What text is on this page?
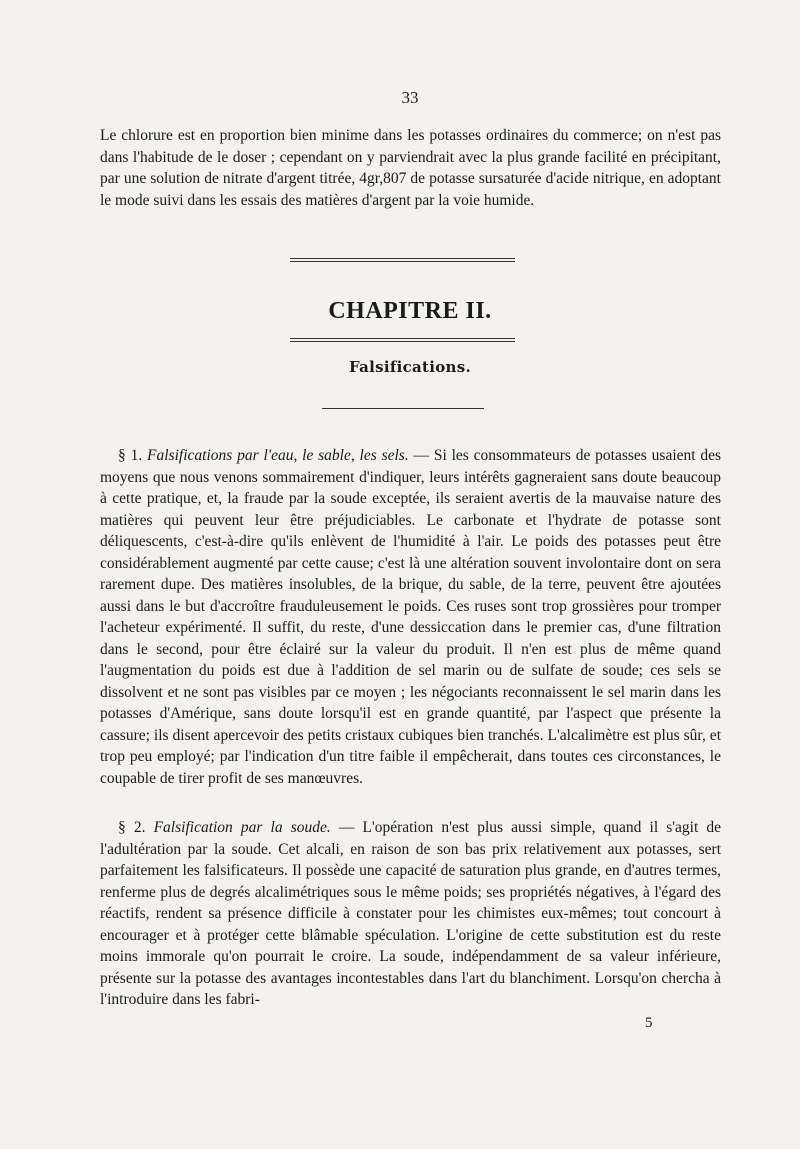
33

Le chlorure est en proportion bien minime dans les potasses ordinaires du commerce; on n'est pas dans l'habitude de le doser ; cependant on y parviendrait avec la plus grande facilité en précipitant, par une solution de nitrate d'argent titrée, 4gr,807 de potasse sursaturée d'acide nitrique, en adoptant le mode suivi dans les essais des matières d'argent par la voie humide.

CHAPITRE II.
Falsifications.

§ 1. Falsifications par l'eau, le sable, les sels. — Si les consommateurs de potasses usaient des moyens que nous venons sommairement d'indiquer, leurs intérêts gagneraient sans doute beaucoup à cette pratique, et, la fraude par la soude exceptée, ils seraient avertis de la mauvaise nature des matières qui peuvent leur être préjudiciables. Le carbonate et l'hydrate de potasse sont déliquescents, c'est-à-dire qu'ils enlèvent de l'humidité à l'air. Le poids des potasses peut être considérablement augmenté par cette cause; c'est là une altération souvent involontaire dont on sera rarement dupe. Des matières insolubles, de la brique, du sable, de la terre, peuvent être ajoutées aussi dans le but d'accroître frauduleusement le poids. Ces ruses sont trop grossières pour tromper l'acheteur expérimenté. Il suffit, du reste, d'une dessiccation dans le premier cas, d'une filtration dans le second, pour être éclairé sur la valeur du produit. Il n'en est plus de même quand l'augmentation du poids est due à l'addition de sel marin ou de sulfate de soude; ces sels se dissolvent et ne sont pas visibles par ce moyen ; les négociants reconnaissent le sel marin dans les potasses d'Amérique, sans doute lorsqu'il est en grande quantité, par l'aspect que présente la cassure; ils disent apercevoir des petits cristaux cubiques bien tranchés. L'alcalimètre est plus sûr, et trop peu employé; par l'indication d'un titre faible il empêcherait, dans toutes ces circonstances, le coupable de tirer profit de ses manœuvres.

§ 2. Falsification par la soude. — L'opération n'est plus aussi simple, quand il s'agit de l'adultération par la soude. Cet alcali, en raison de son bas prix relativement aux potasses, sert parfaitement les falsificateurs. Il possède une capacité de saturation plus grande, en d'autres termes, renferme plus de degrés alcalimétriques sous le même poids; ses propriétés négatives, à l'égard des réactifs, rendent sa présence difficile à constater pour les chimistes eux-mêmes; tout concourt à encourager et à protéger cette blâmable spéculation. L'origine de cette substitution est du reste moins immorale qu'on pourrait le croire. La soude, indépendamment de sa valeur inférieure, présente sur la potasse des avantages incontestables dans l'art du blanchiment. Lorsqu'on chercha à l'introduire dans les fabri-

5
